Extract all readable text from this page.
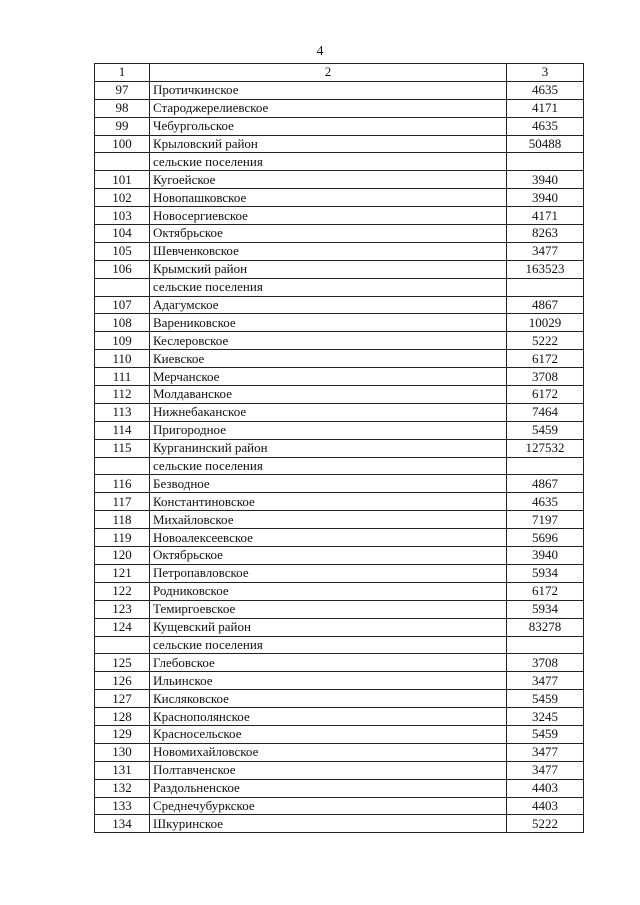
4
1	2	3
97	Протичкинское	4635
98	Староджерелиевское	4171
99	Чебургольское	4635
100	Крыловский район	50488
	сельские поселения	
101	Кугоейское	3940
102	Новопашковское	3940
103	Новосергиевское	4171
104	Октябрьское	8263
105	Шевченковское	3477
106	Крымский район	163523
	сельские поселения	
107	Адагумское	4867
108	Варениковское	10029
109	Кеслеровское	5222
110	Киевское	6172
111	Мерчанское	3708
112	Молдаванское	6172
113	Нижнебаканское	7464
114	Пригородное	5459
115	Курганинский район	127532
	сельские поселения	
116	Безводное	4867
117	Константиновское	4635
118	Михайловское	7197
119	Новоалексеевское	5696
120	Октябрьское	3940
121	Петропавловское	5934
122	Родниковское	6172
123	Темиргоевское	5934
124	Кущевский район	83278
	сельские поселения	
125	Глебовское	3708
126	Ильинское	3477
127	Кисляковское	5459
128	Краснополянское	3245
129	Красносельское	5459
130	Новомихайловское	3477
131	Полтавченское	3477
132	Раздольненское	4403
133	Среднечубуркское	4403
134	Шкуринское	5222
